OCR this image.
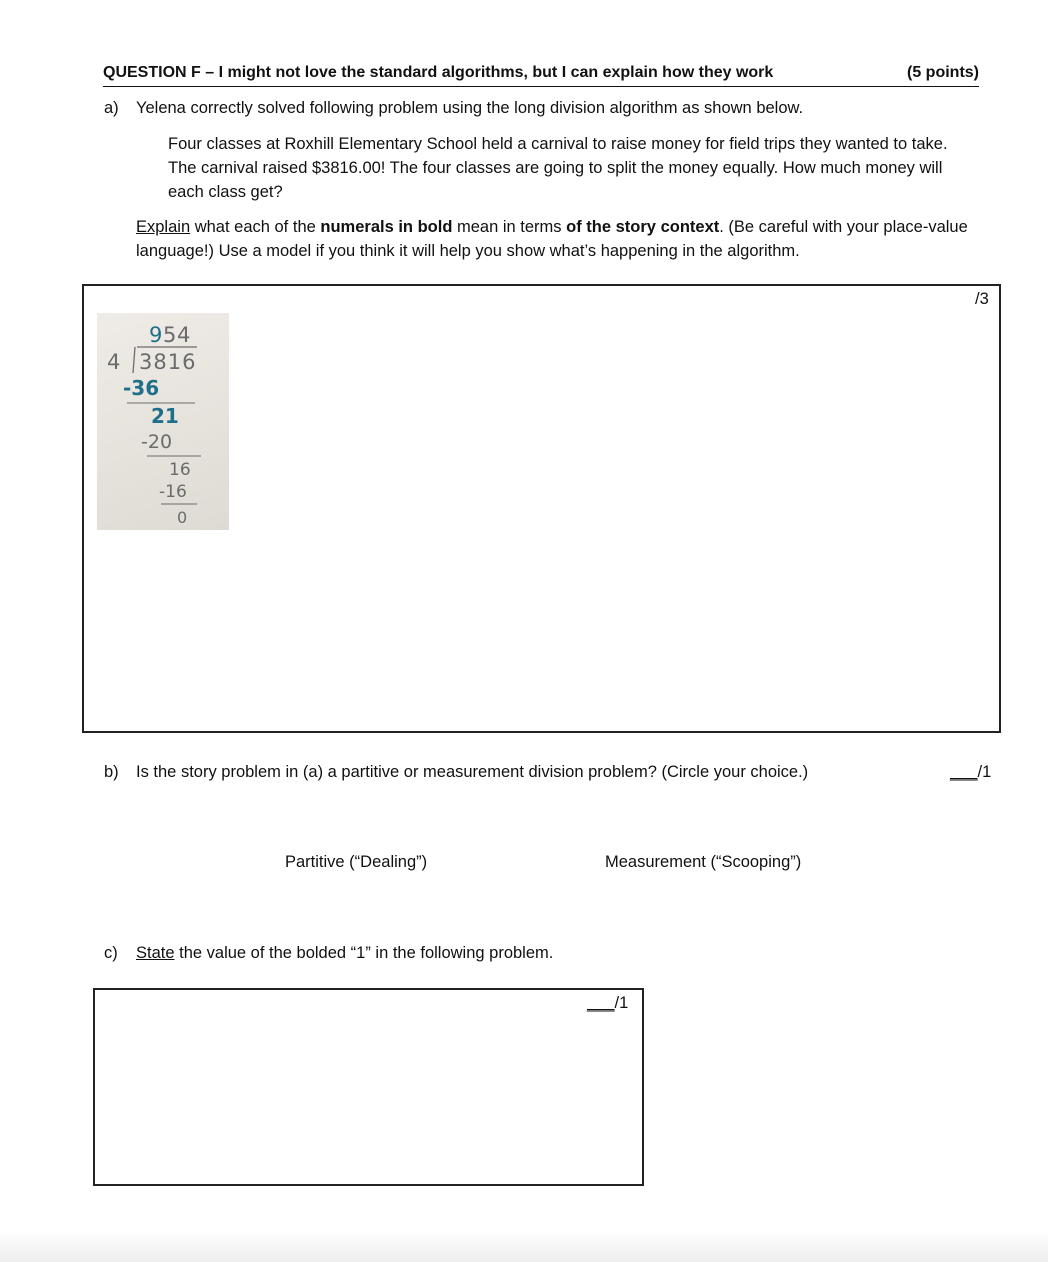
QUESTION F – I might not love the standard algorithms, but I can explain how they work	(5 points)
a) Yelena correctly solved following problem using the long division algorithm as shown below.
Four classes at Roxhill Elementary School held a carnival to raise money for field trips they wanted to take. The carnival raised $3816.00! The four classes are going to split the money equally. How much money will each class get?
Explain what each of the numerals in bold mean in terms of the story context. (Be careful with your place-value language!) Use a model if you think it will help you show what’s happening in the algorithm.
/3
9 5 4
4 3816
-36
21
-20
16
-16
0
b) Is the story problem in (a) a partitive or measurement division problem? (Circle your choice.)	___/1
Partitive (“Dealing”)	Measurement (“Scooping”)
c) State the value of the bolded “1” in the following problem.
___/1
